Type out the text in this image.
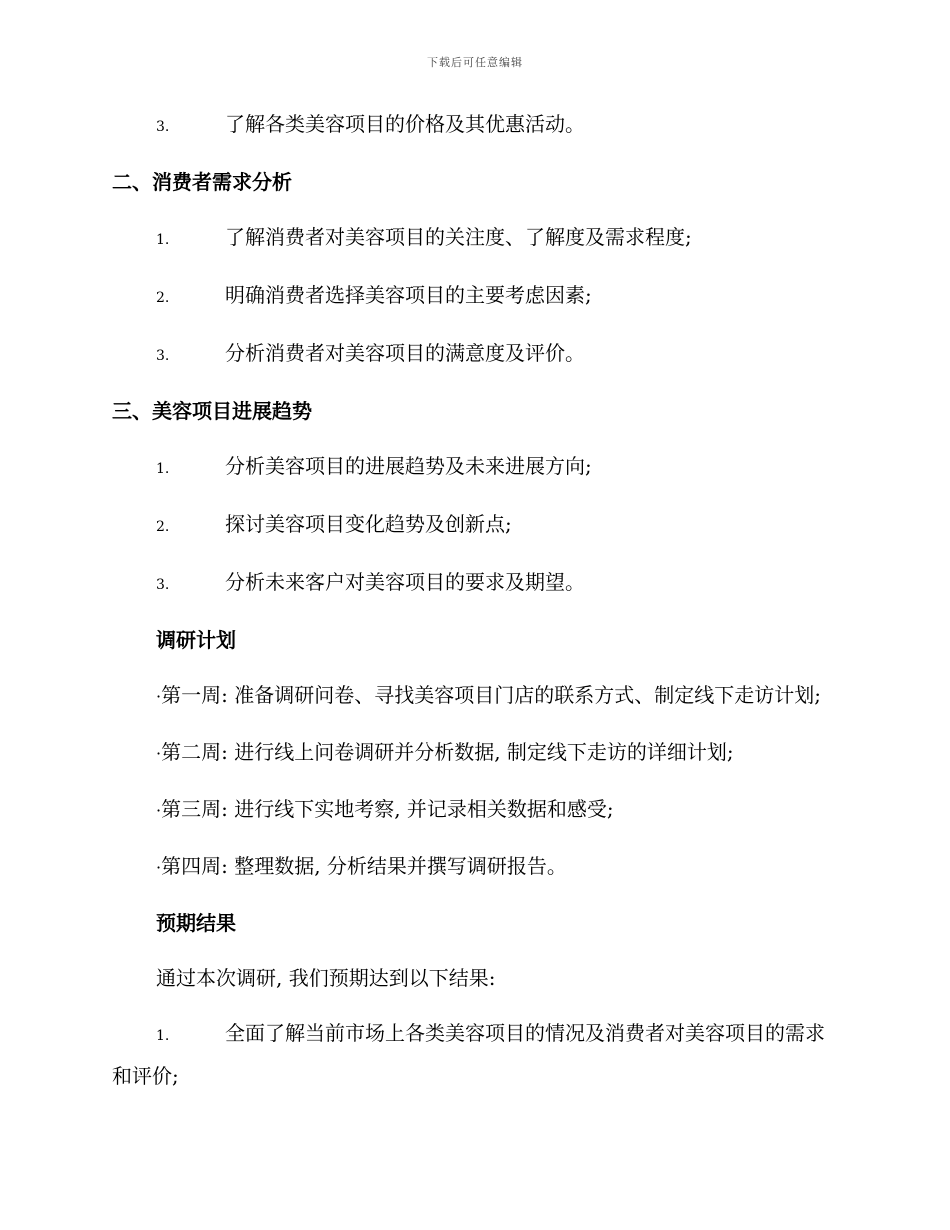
下载后可任意编辑
3.	了解各类美容项目的价格及其优惠活动。
二、消费者需求分析
1.	了解消费者对美容项目的关注度、了解度及需求程度;
2.	明确消费者选择美容项目的主要考虑因素;
3.	分析消费者对美容项目的满意度及评价。
三、美容项目进展趋势
1.	分析美容项目的进展趋势及未来进展方向;
2.	探讨美容项目变化趋势及创新点;
3.	分析未来客户对美容项目的要求及期望。
调研计划
·第一周: 准备调研问卷、寻找美容项目门店的联系方式、制定线下走访计划;
·第二周: 进行线上问卷调研并分析数据, 制定线下走访的详细计划;
·第三周: 进行线下实地考察, 并记录相关数据和感受;
·第四周: 整理数据, 分析结果并撰写调研报告。
预期结果
通过本次调研, 我们预期达到以下结果:
1.	全面了解当前市场上各类美容项目的情况及消费者对美容项目的需求和评价;
